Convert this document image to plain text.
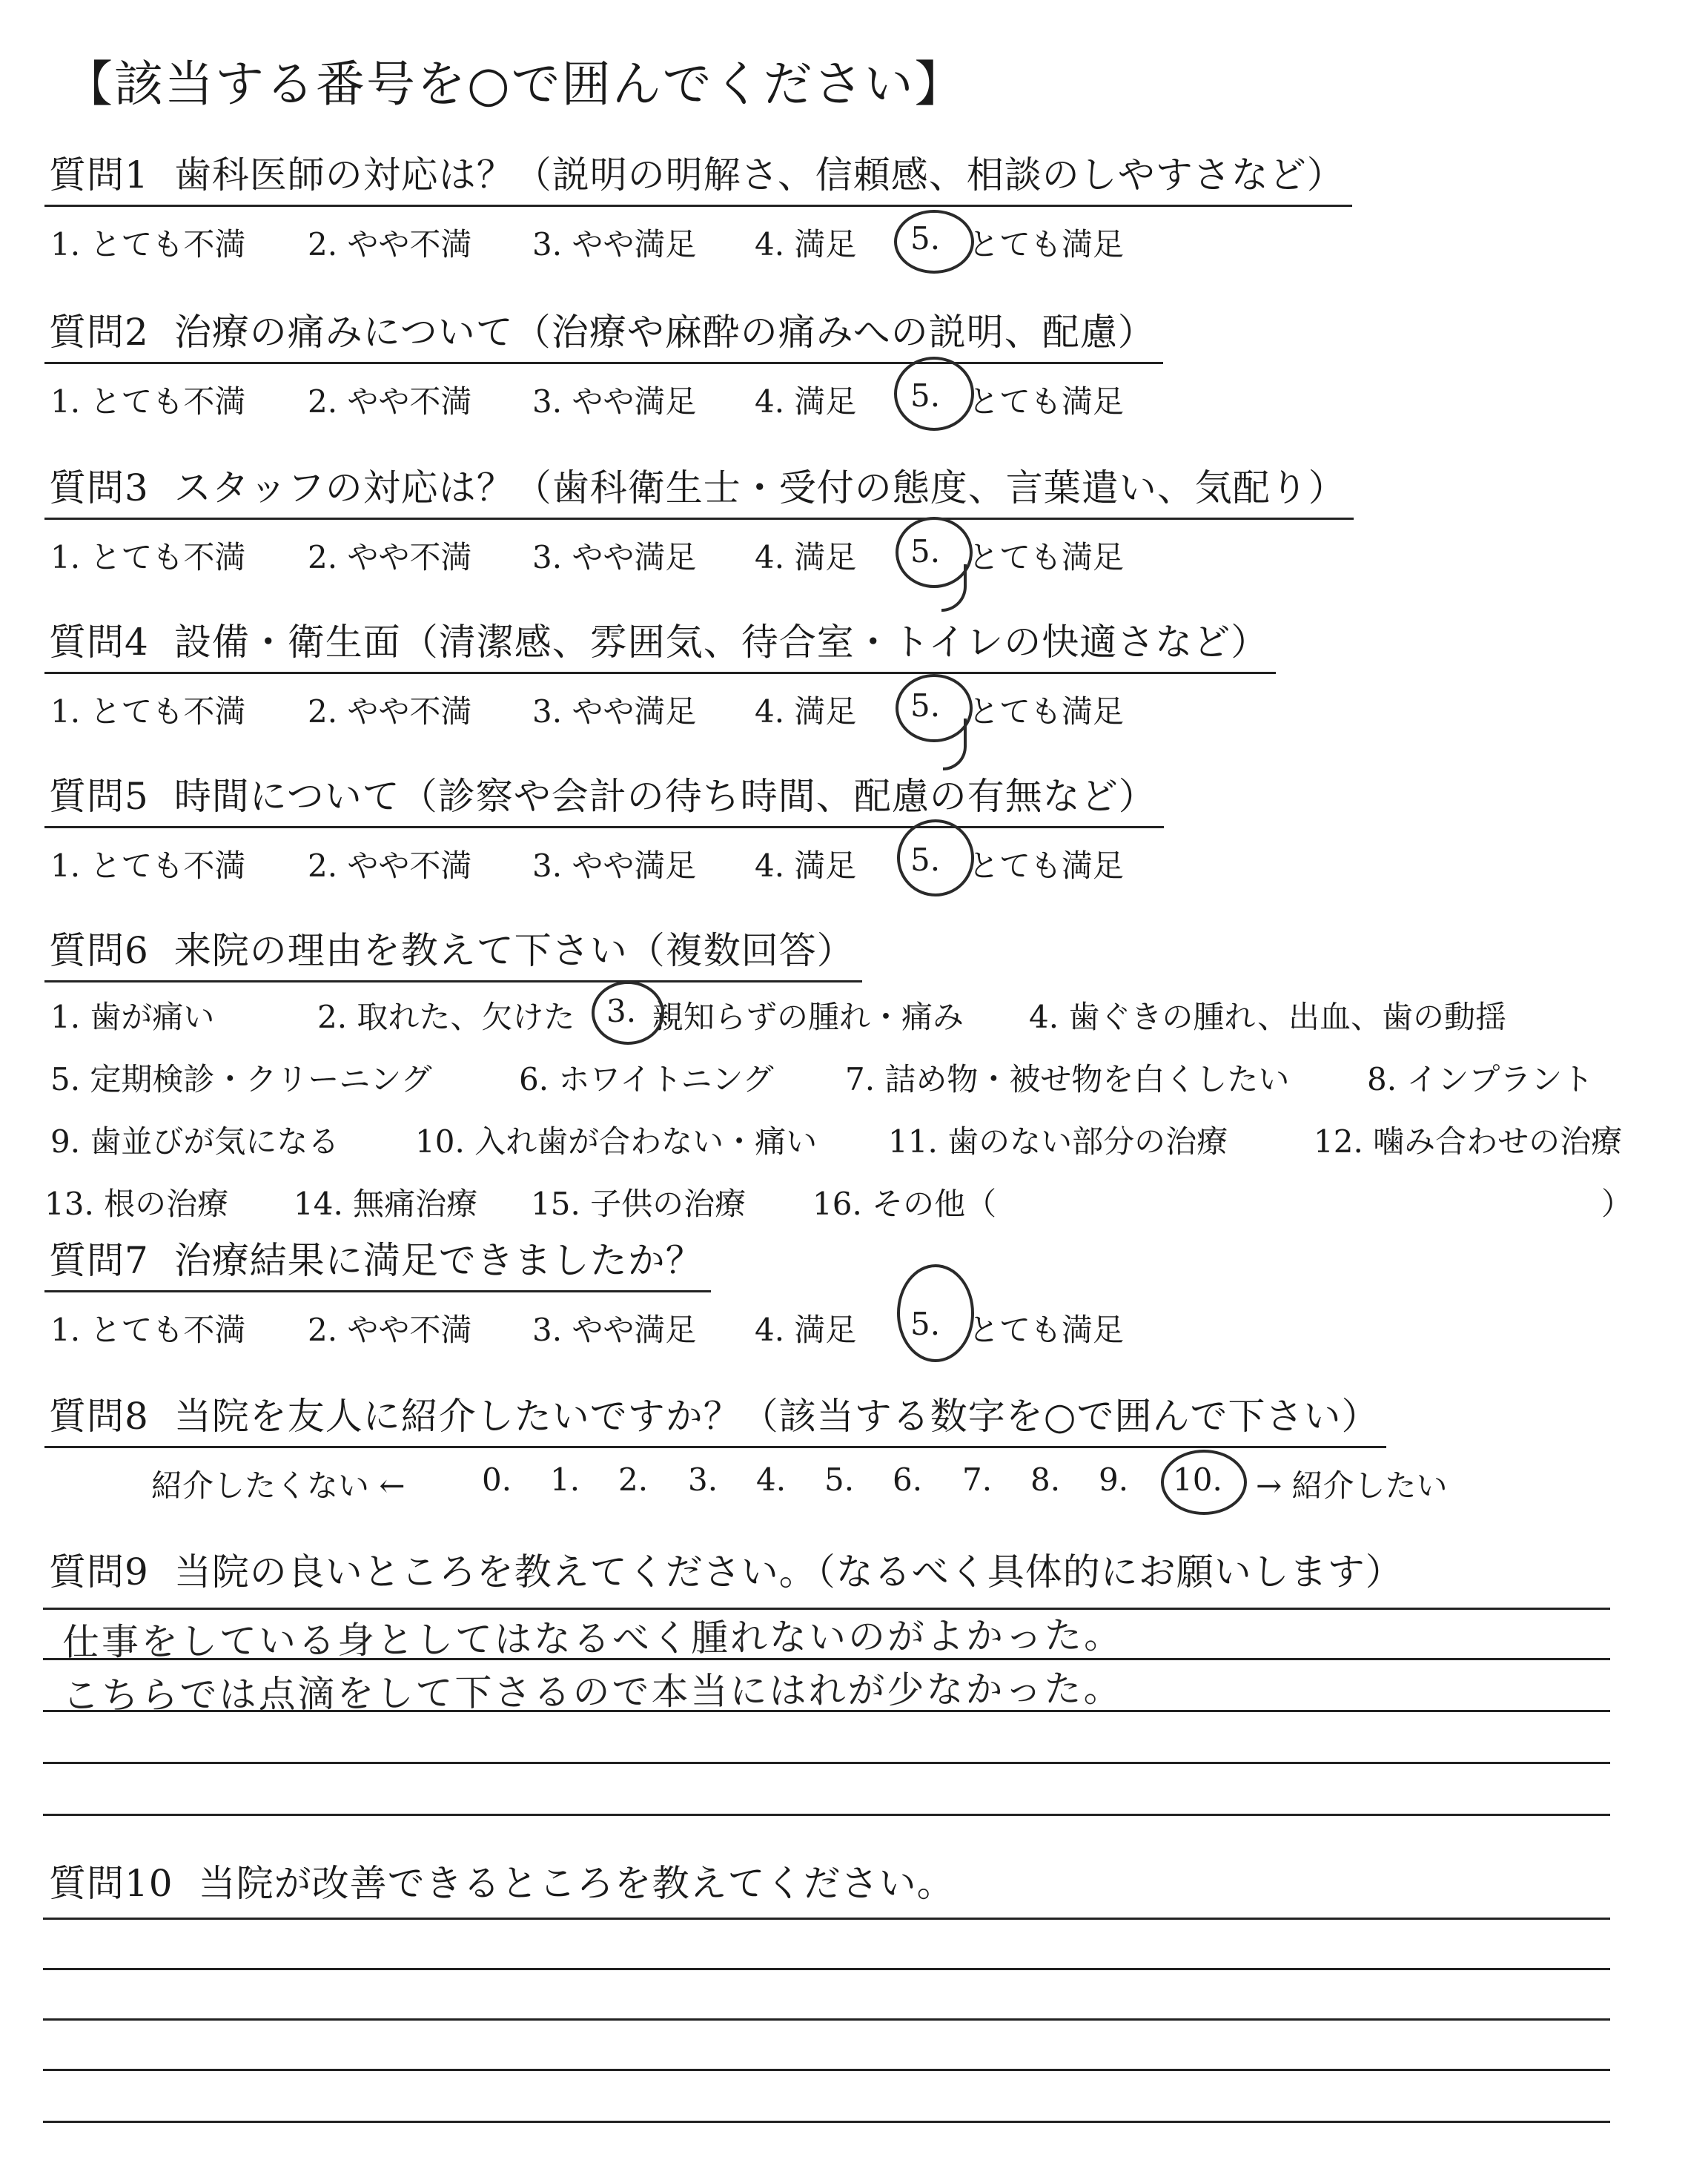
【該当する番号を○で囲んでください】
質問1 歯科医師の対応は？（説明の明解さ、信頼感、相談のしやすさなど）
1. とても不満 2. やや不満 3. やや満足 4. 満足 5. とても満足
質問2 治療の痛みについて（治療や麻酔の痛みへの説明、配慮）
1. とても不満 2. やや不満 3. やや満足 4. 満足 5. とても満足
質問3 スタッフの対応は？（歯科衛生士・受付の態度、言葉遣い、気配り）
1. とても不満 2. やや不満 3. やや満足 4. 満足 5. とても満足
質問4 設備・衛生面（清潔感、雰囲気、待合室・トイレの快適さなど）
1. とても不満 2. やや不満 3. やや満足 4. 満足 5. とても満足
質問5 時間について（診察や会計の待ち時間、配慮の有無など）
1. とても不満 2. やや不満 3. やや満足 4. 満足 5. とても満足
質問6 来院の理由を教えて下さい（複数回答）
1. 歯が痛い	2. 取れた、欠けた 3. 親知らずの腫れ・痛み 4. 歯ぐきの腫れ、出血、歯の動揺
5. 定期検診・クリーニング	6. ホワイトニング 7. 詰め物・被せ物を白くしたい 8. インプラント
9. 歯並びが気になる 10. 入れ歯が合わない・痛い 11. 歯のない部分の治療	12. 噛み合わせの治療
13. 根の治療 14. 無痛治療 15. 子供の治療 16. その他（	）
質問7 治療結果に満足できましたか？
1. とても不満 2. やや不満 3. やや満足 4. 満足 5. とても満足
質問8 当院を友人に紹介したいですか？（該当する数字を○で囲んで下さい）
紹介したくない ← 0. 1. 2. 3. 4. 5. 6. 7. 8. 9. 10. → 紹介したい
質問9 当院の良いところを教えてください。（なるべく具体的にお願いします）
仕事をしている身としてはなるべく腫れないのがよかった。
こちらでは点滴をして下さるので本当にはれが少なかった。
質問10 当院が改善できるところを教えてください。
